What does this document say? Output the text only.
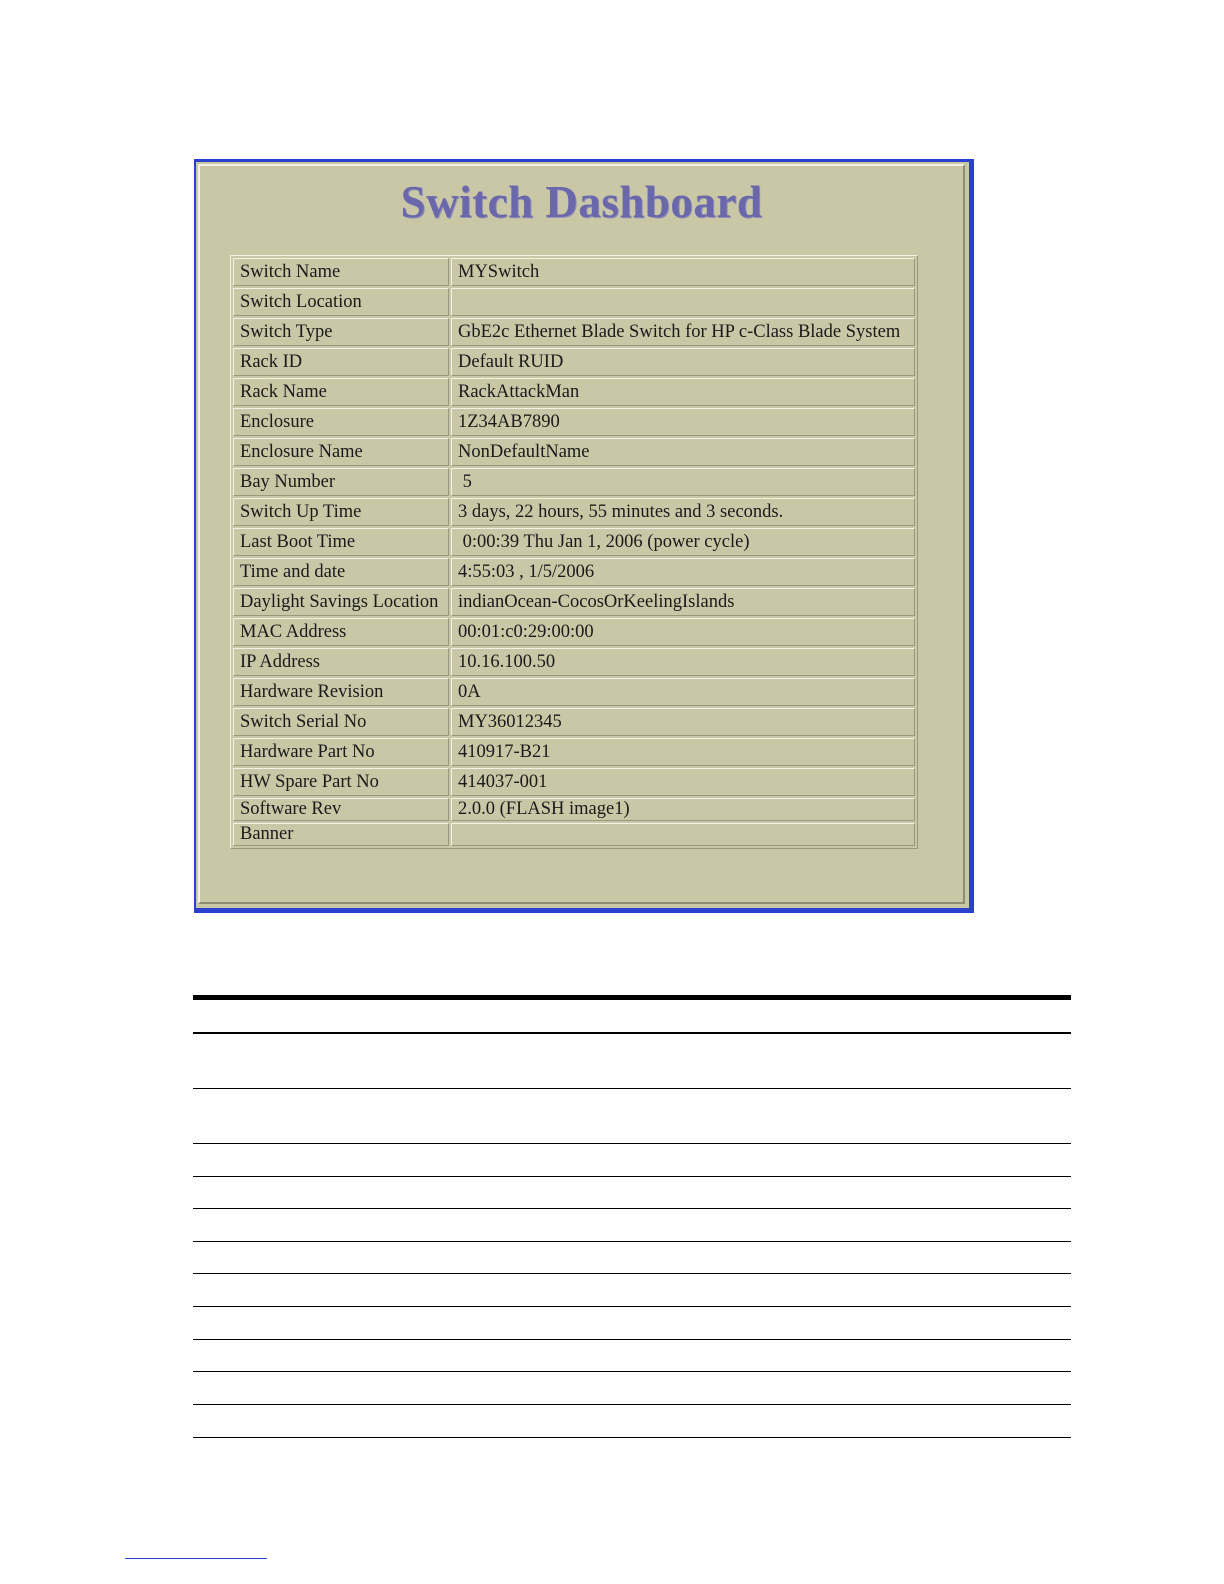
Switch Dashboard
Switch Name	MYSwitch
Switch Location	
Switch Type	GbE2c Ethernet Blade Switch for HP c-Class Blade System
Rack ID	Default RUID
Rack Name	RackAttackMan
Enclosure	1Z34AB7890
Enclosure Name	NonDefaultName
Bay Number	5
Switch Up Time	3 days, 22 hours, 55 minutes and 3 seconds.
Last Boot Time	0:00:39 Thu Jan 1, 2006 (power cycle)
Time and date	4:55:03 , 1/5/2006
Daylight Savings Location	indianOcean-CocosOrKeelingIslands
MAC Address	00:01:c0:29:00:00
IP Address	10.16.100.50
Hardware Revision	0A
Switch Serial No	MY36012345
Hardware Part No	410917-B21
HW Spare Part No	414037-001
Software Rev	2.0.0 (FLASH image1)
Banner	
